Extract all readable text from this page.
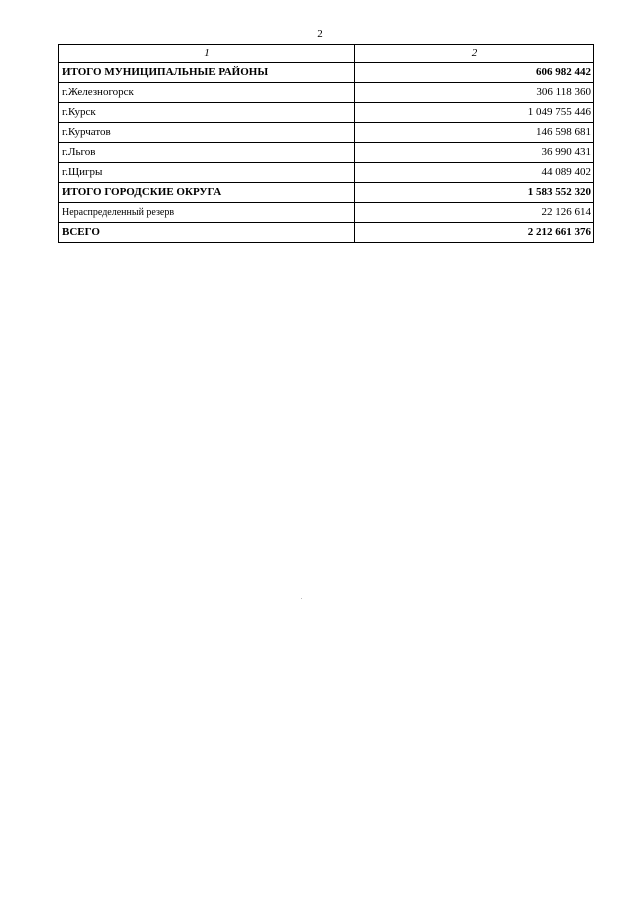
2
1	2
ИТОГО МУНИЦИПАЛЬНЫЕ РАЙОНЫ	606 982 442
г.Железногорск	306 118 360
г.Курск	1 049 755 446
г.Курчатов	146 598 681
г.Льгов	36 990 431
г.Щигры	44 089 402
ИТОГО ГОРОДСКИЕ ОКРУГА	1 583 552 320
Нераспределенный резерв	22 126 614
ВСЕГО	2 212 661 376
